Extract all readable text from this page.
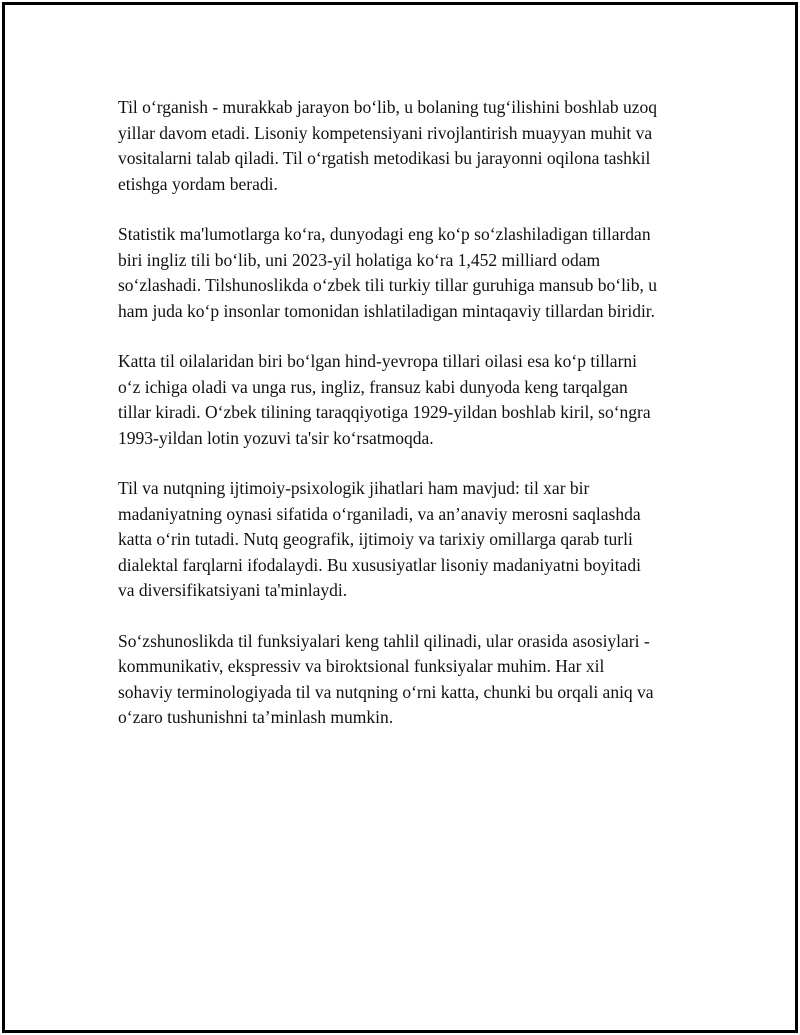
Til o‘rganish - murakkab jarayon bo‘lib, u bolaning tug‘ilishini boshlab uzoq
yillar davom etadi. Lisoniy kompetensiyani rivojlantirish muayyan muhit va
vositalarni talab qiladi. Til o‘rgatish metodikasi bu jarayonni oqilona tashkil
etishga yordam beradi.

Statistik ma'lumotlarga ko‘ra, dunyodagi eng ko‘p so‘zlashiladigan tillardan
biri ingliz tili bo‘lib, uni 2023-yil holatiga ko‘ra 1,452 milliard odam
so‘zlashadi. Tilshunoslikda o‘zbek tili turkiy tillar guruhiga mansub bo‘lib, u
ham juda ko‘p insonlar tomonidan ishlatiladigan mintaqaviy tillardan biridir.

Katta til oilalaridan biri bo‘lgan hind-yevropa tillari oilasi esa ko‘p tillarni
o‘z ichiga oladi va unga rus, ingliz, fransuz kabi dunyoda keng tarqalgan
tillar kiradi. O‘zbek tilining taraqqiyotiga 1929-yildan boshlab kiril, so‘ngra
1993-yildan lotin yozuvi ta'sir ko‘rsatmoqda.

Til va nutqning ijtimoiy-psixologik jihatlari ham mavjud: til xar bir
madaniyatning oynasi sifatida o‘rganiladi, va an’anaviy merosni saqlashda
katta o‘rin tutadi. Nutq geografik, ijtimoiy va tarixiy omillarga qarab turli
dialektal farqlarni ifodalaydi. Bu xususiyatlar lisoniy madaniyatni boyitadi
va diversifikatsiyani ta'minlaydi.

So‘zshunoslikda til funksiyalari keng tahlil qilinadi, ular orasida asosiylari -
kommunikativ, ekspressiv va biroktsional funksiyalar muhim. Har xil
sohaviy terminologiyada til va nutqning o‘rni katta, chunki bu orqali aniq va
o‘zaro tushunishni ta’minlash mumkin.
